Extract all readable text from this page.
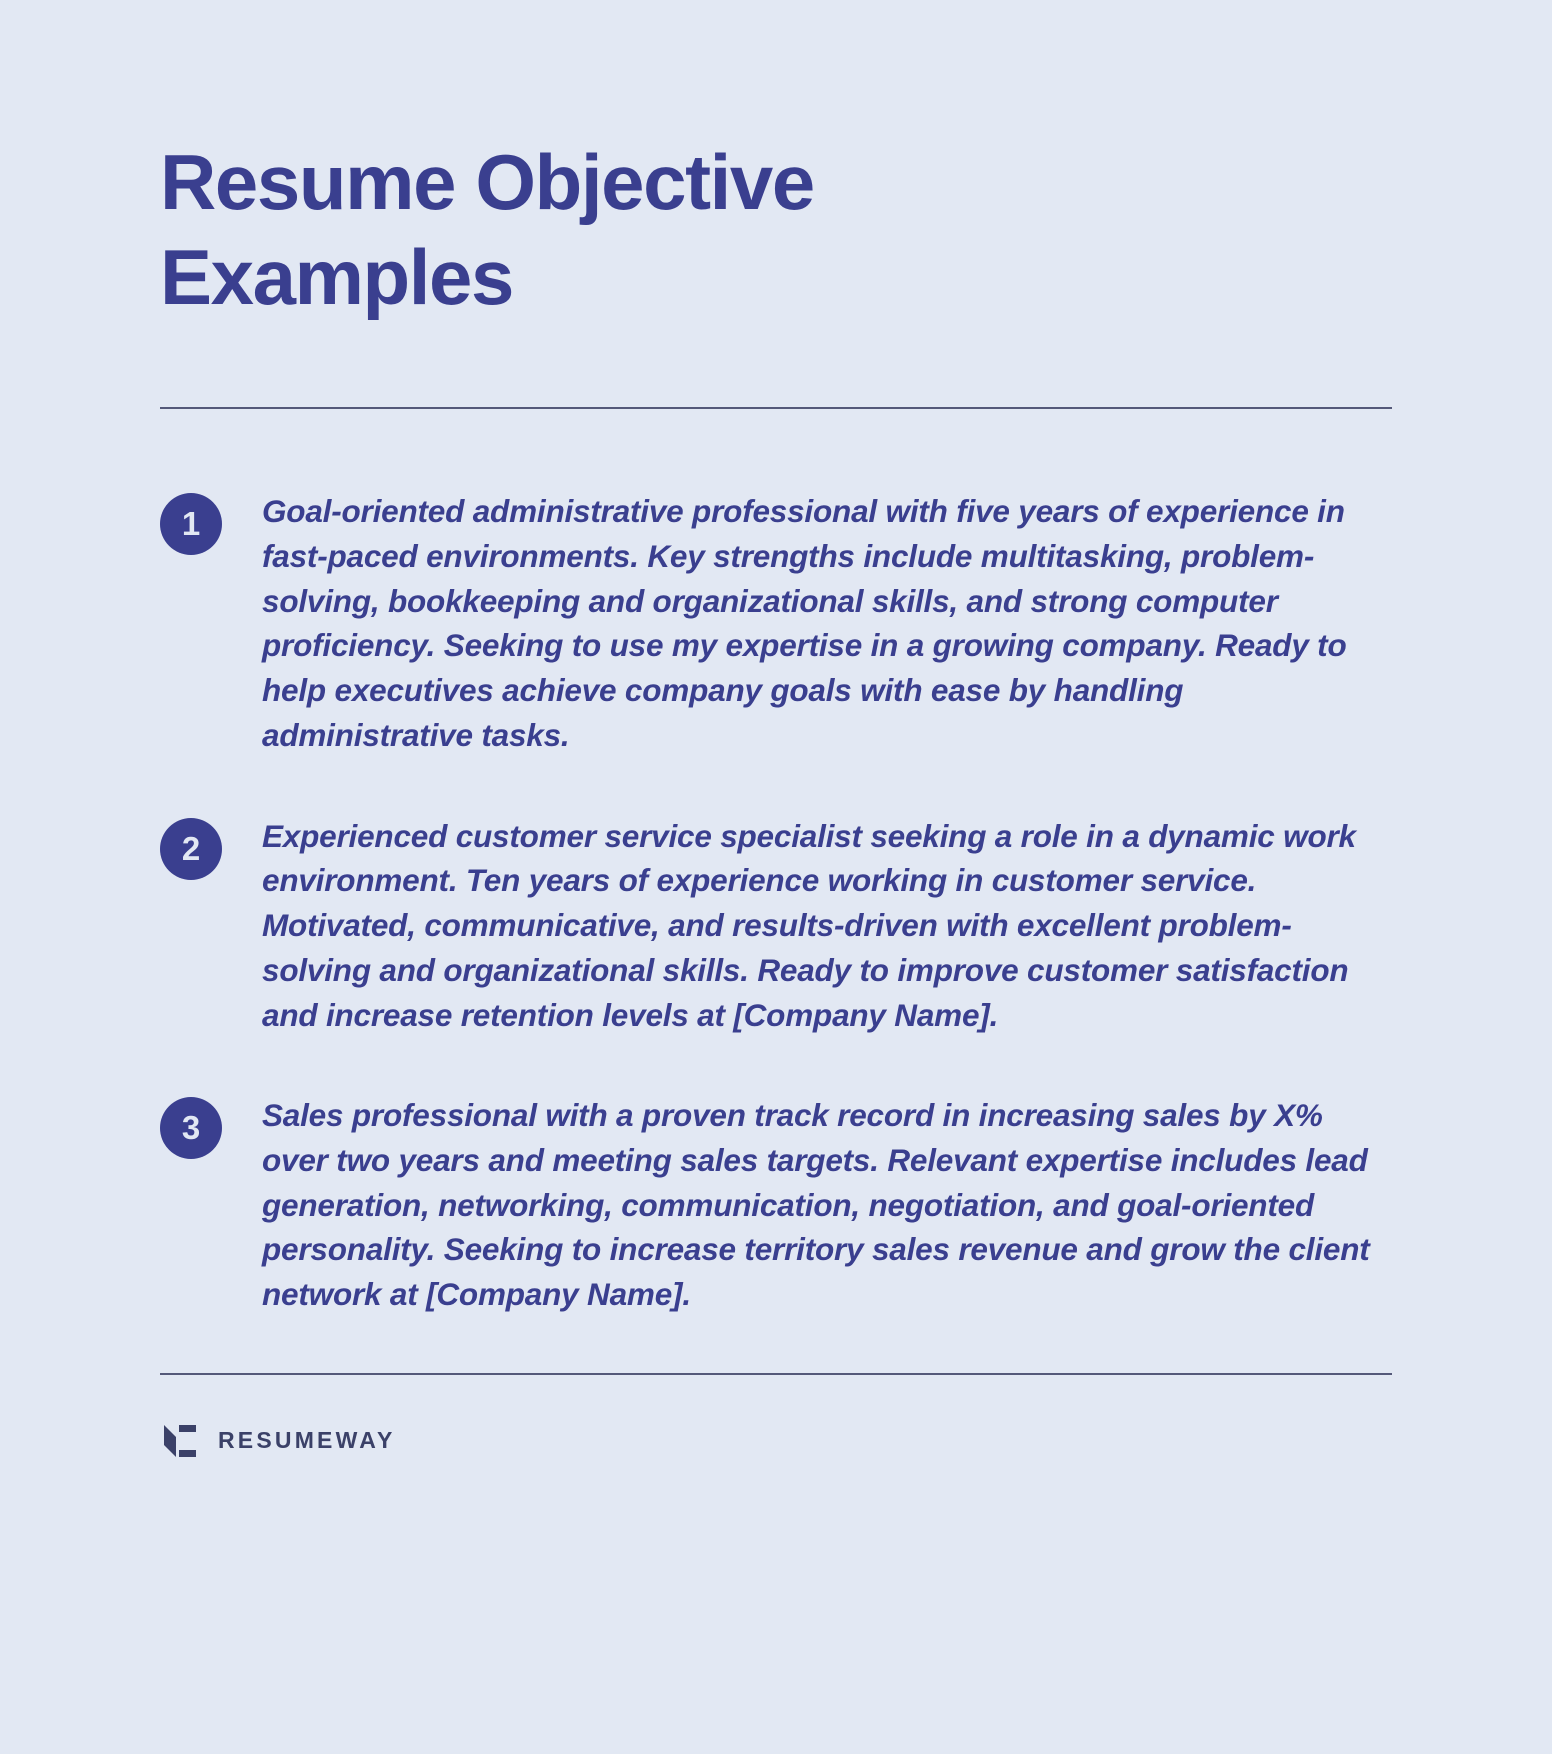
Resume Objective Examples
1	Goal-oriented administrative professional with five years of experience in fast-paced environments. Key strengths include multitasking, problem-solving, bookkeeping and organizational skills, and strong computer proficiency. Seeking to use my expertise in a growing company. Ready to help executives achieve company goals with ease by handling administrative tasks.
2	Experienced customer service specialist seeking a role in a dynamic work environment. Ten years of experience working in customer service. Motivated, communicative, and results-driven with excellent problem-solving and organizational skills. Ready to improve customer satisfaction and increase retention levels at [Company Name].
3	Sales professional with a proven track record in increasing sales by X% over two years and meeting sales targets. Relevant expertise includes lead generation, networking, communication, negotiation, and goal-oriented personality. Seeking to increase territory sales revenue and grow the client network at [Company Name].
RESUMEWAY
